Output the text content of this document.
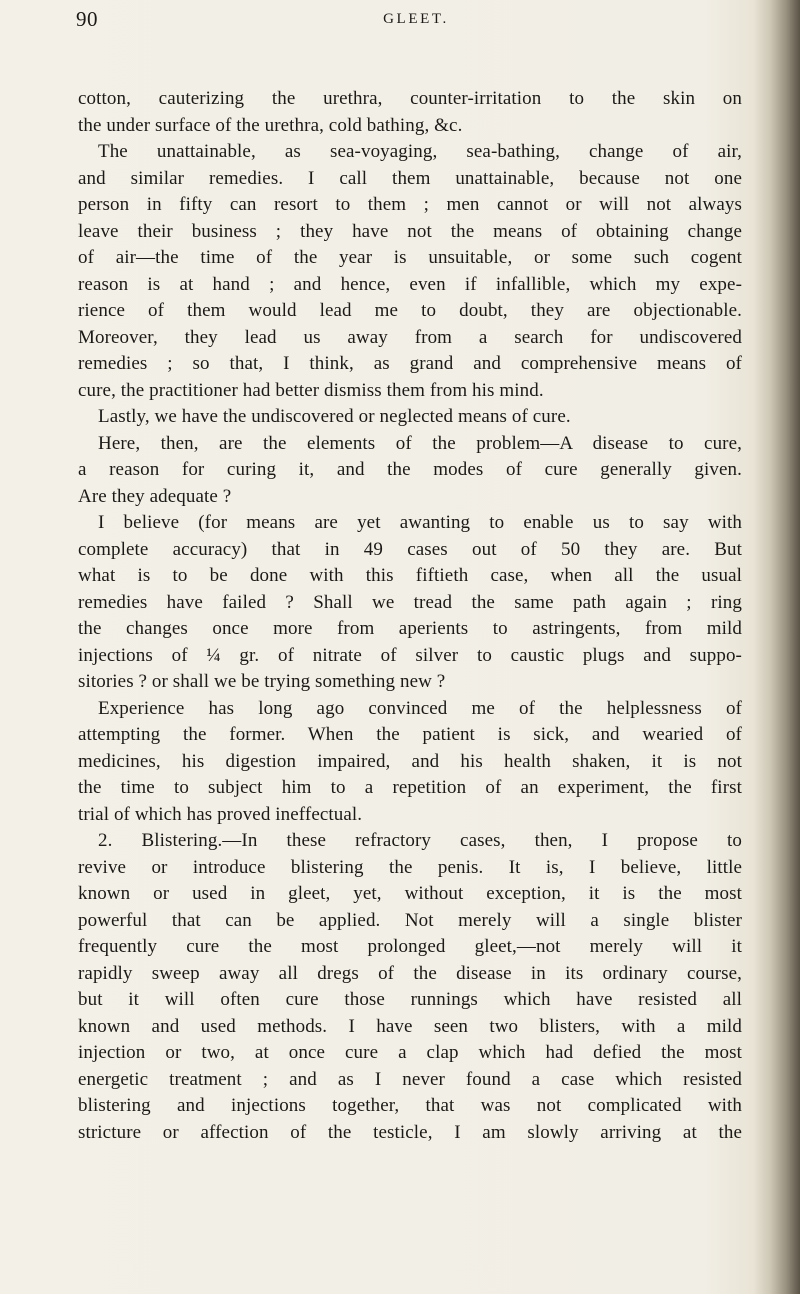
90	GLEET.
cotton, cauterizing the urethra, counter-irritation to the skin on
the under surface of the urethra, cold bathing, &c.
The unattainable, as sea-voyaging, sea-bathing, change of air,
and similar remedies. I call them unattainable, because not one
person in fifty can resort to them ; men cannot or will not always
leave their business ; they have not the means of obtaining change
of air—the time of the year is unsuitable, or some such cogent
reason is at hand ; and hence, even if infallible, which my expe-
rience of them would lead me to doubt, they are objectionable.
Moreover, they lead us away from a search for undiscovered
remedies ; so that, I think, as grand and comprehensive means of
cure, the practitioner had better dismiss them from his mind.
Lastly, we have the undiscovered or neglected means of cure.
Here, then, are the elements of the problem—A disease to cure,
a reason for curing it, and the modes of cure generally given.
Are they adequate ?
I believe (for means are yet awanting to enable us to say with
complete accuracy) that in 49 cases out of 50 they are. But
what is to be done with this fiftieth case, when all the usual
remedies have failed ? Shall we tread the same path again ; ring
the changes once more from aperients to astringents, from mild
injections of ¼ gr. of nitrate of silver to caustic plugs and suppo-
sitories ? or shall we be trying something new ?
Experience has long ago convinced me of the helplessness of
attempting the former. When the patient is sick, and wearied of
medicines, his digestion impaired, and his health shaken, it is not
the time to subject him to a repetition of an experiment, the first
trial of which has proved ineffectual.
2. Blistering.—In these refractory cases, then, I propose to
revive or introduce blistering the penis. It is, I believe, little
known or used in gleet, yet, without exception, it is the most
powerful that can be applied. Not merely will a single blister
frequently cure the most prolonged gleet,—not merely will it
rapidly sweep away all dregs of the disease in its ordinary course,
but it will often cure those runnings which have resisted all
known and used methods. I have seen two blisters, with a mild
injection or two, at once cure a clap which had defied the most
energetic treatment ; and as I never found a case which resisted
blistering and injections together, that was not complicated with
stricture or affection of the testicle, I am slowly arriving at the
